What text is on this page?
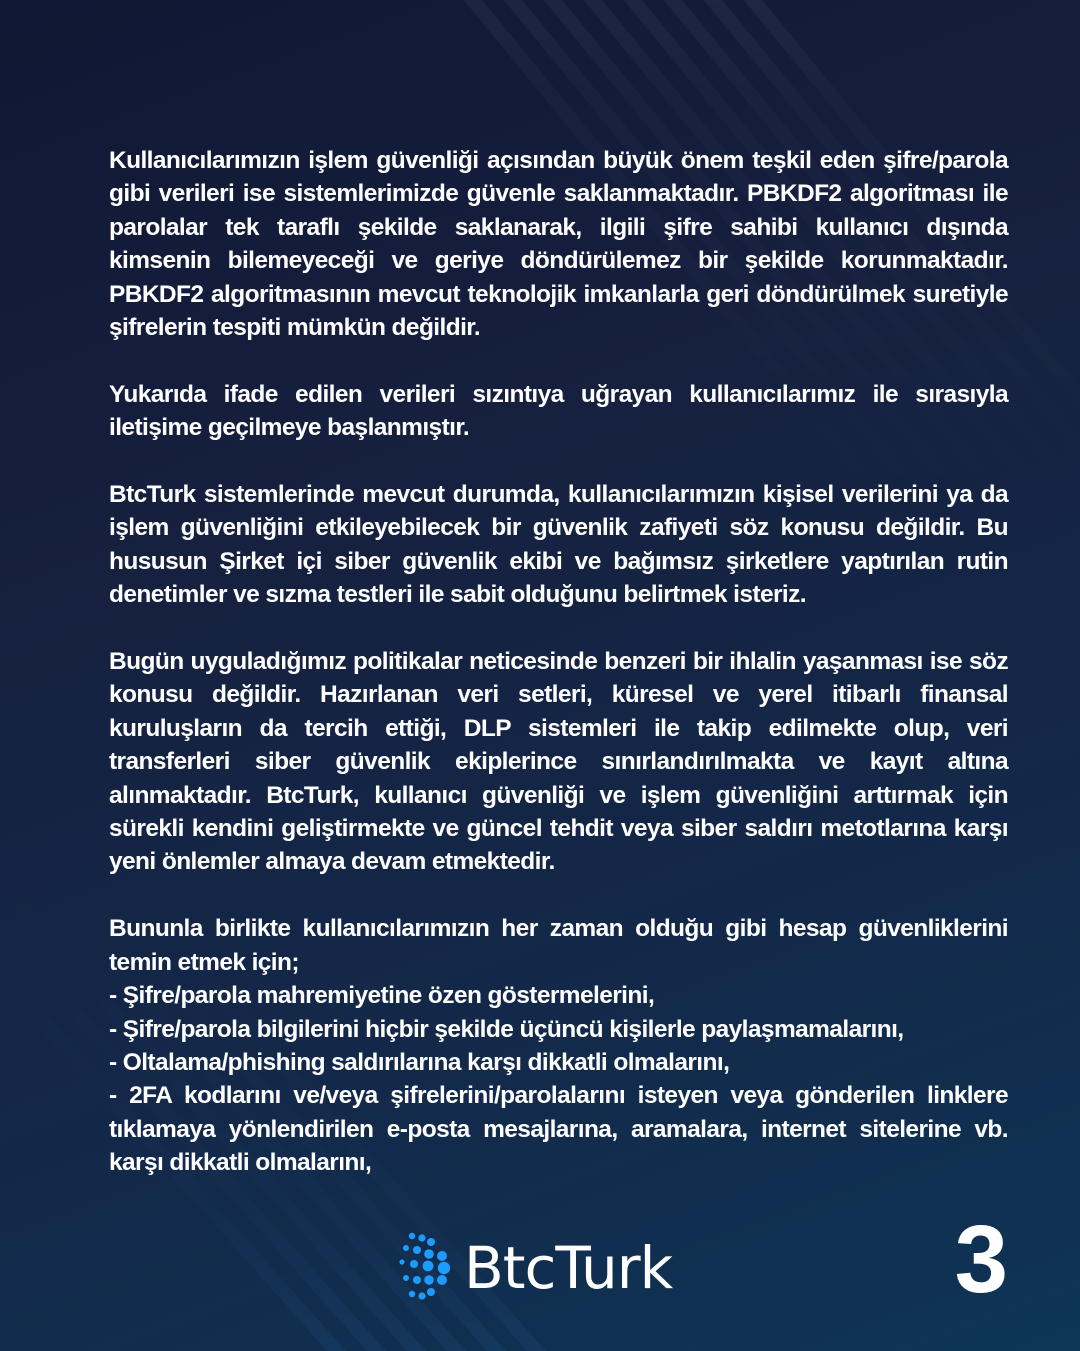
Kullanıcılarımızın işlem güvenliği açısından büyük önem teşkil eden şifre/parola gibi verileri ise sistemlerimizde güvenle saklanmaktadır. PBKDF2 algoritması ile parolalar tek taraflı şekilde saklanarak, ilgili şifre sahibi kullanıcı dışında kimsenin bilemeyeceği ve geriye döndürülemez bir şekilde korunmaktadır. PBKDF2 algoritmasının mevcut teknolojik imkanlarla geri döndürülmek suretiyle şifrelerin tespiti mümkün değildir.

Yukarıda ifade edilen verileri sızıntıya uğrayan kullanıcılarımız ile sırasıyla iletişime geçilmeye başlanmıştır.

BtcTurk sistemlerinde mevcut durumda, kullanıcılarımızın kişisel verilerini ya da işlem güvenliğini etkileyebilecek bir güvenlik zafiyeti söz konusu değildir. Bu hususun Şirket içi siber güvenlik ekibi ve bağımsız şirketlere yaptırılan rutin denetimler ve sızma testleri ile sabit olduğunu belirtmek isteriz.

Bugün uyguladığımız politikalar neticesinde benzeri bir ihlalin yaşanması ise söz konusu değildir. Hazırlanan veri setleri, küresel ve yerel itibarlı finansal kuruluşların da tercih ettiği, DLP sistemleri ile takip edilmekte olup, veri transferleri siber güvenlik ekiplerince sınırlandırılmakta ve kayıt altına alınmaktadır. BtcTurk, kullanıcı güvenliği ve işlem güvenliğini arttırmak için sürekli kendini geliştirmekte ve güncel tehdit veya siber saldırı metotlarına karşı yeni önlemler almaya devam etmektedir.

Bununla birlikte kullanıcılarımızın her zaman olduğu gibi hesap güvenliklerini temin etmek için;
- Şifre/parola mahremiyetine özen göstermelerini,
- Şifre/parola bilgilerini hiçbir şekilde üçüncü kişilerle paylaşmamalarını,
- Oltalama/phishing saldırılarına karşı dikkatli olmalarını,
- 2FA kodlarını ve/veya şifrelerini/parolalarını isteyen veya gönderilen linklere tıklamaya yönlendirilen e-posta mesajlarına, aramalara, internet sitelerine vb. karşı dikkatli olmalarını,

BtcTurk	3
